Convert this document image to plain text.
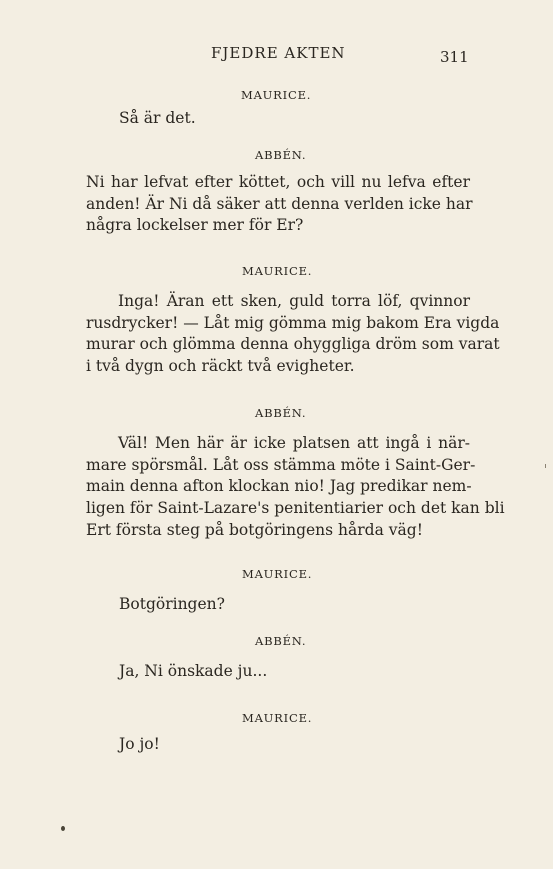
FJEDRE AKTEN	311
MAURICE.
Så är det.
ABBÉN.
Ni har lefvat efter köttet, och vill nu lefva efter
anden! Är Ni då säker att denna verlden icke har
några lockelser mer för Er?
MAURICE.
Inga! Äran ett sken, guld torra löf, qvinnor
rusdrycker! — Låt mig gömma mig bakom Era vigda
murar och glömma denna ohyggliga dröm som varat
i två dygn och räckt två evigheter.
ABBÉN.
Väl! Men här är icke platsen att ingå i när-
mare spörsmål. Låt oss stämma möte i Saint-Ger-
main denna afton klockan nio! Jag predikar nem-
ligen för Saint-Lazare's penitentiarier och det kan bli
Ert första steg på botgöringens hårda väg!
MAURICE.
Botgöringen?
ABBÉN.
Ja, Ni önskade ju...
MAURICE.
Jo jo!
